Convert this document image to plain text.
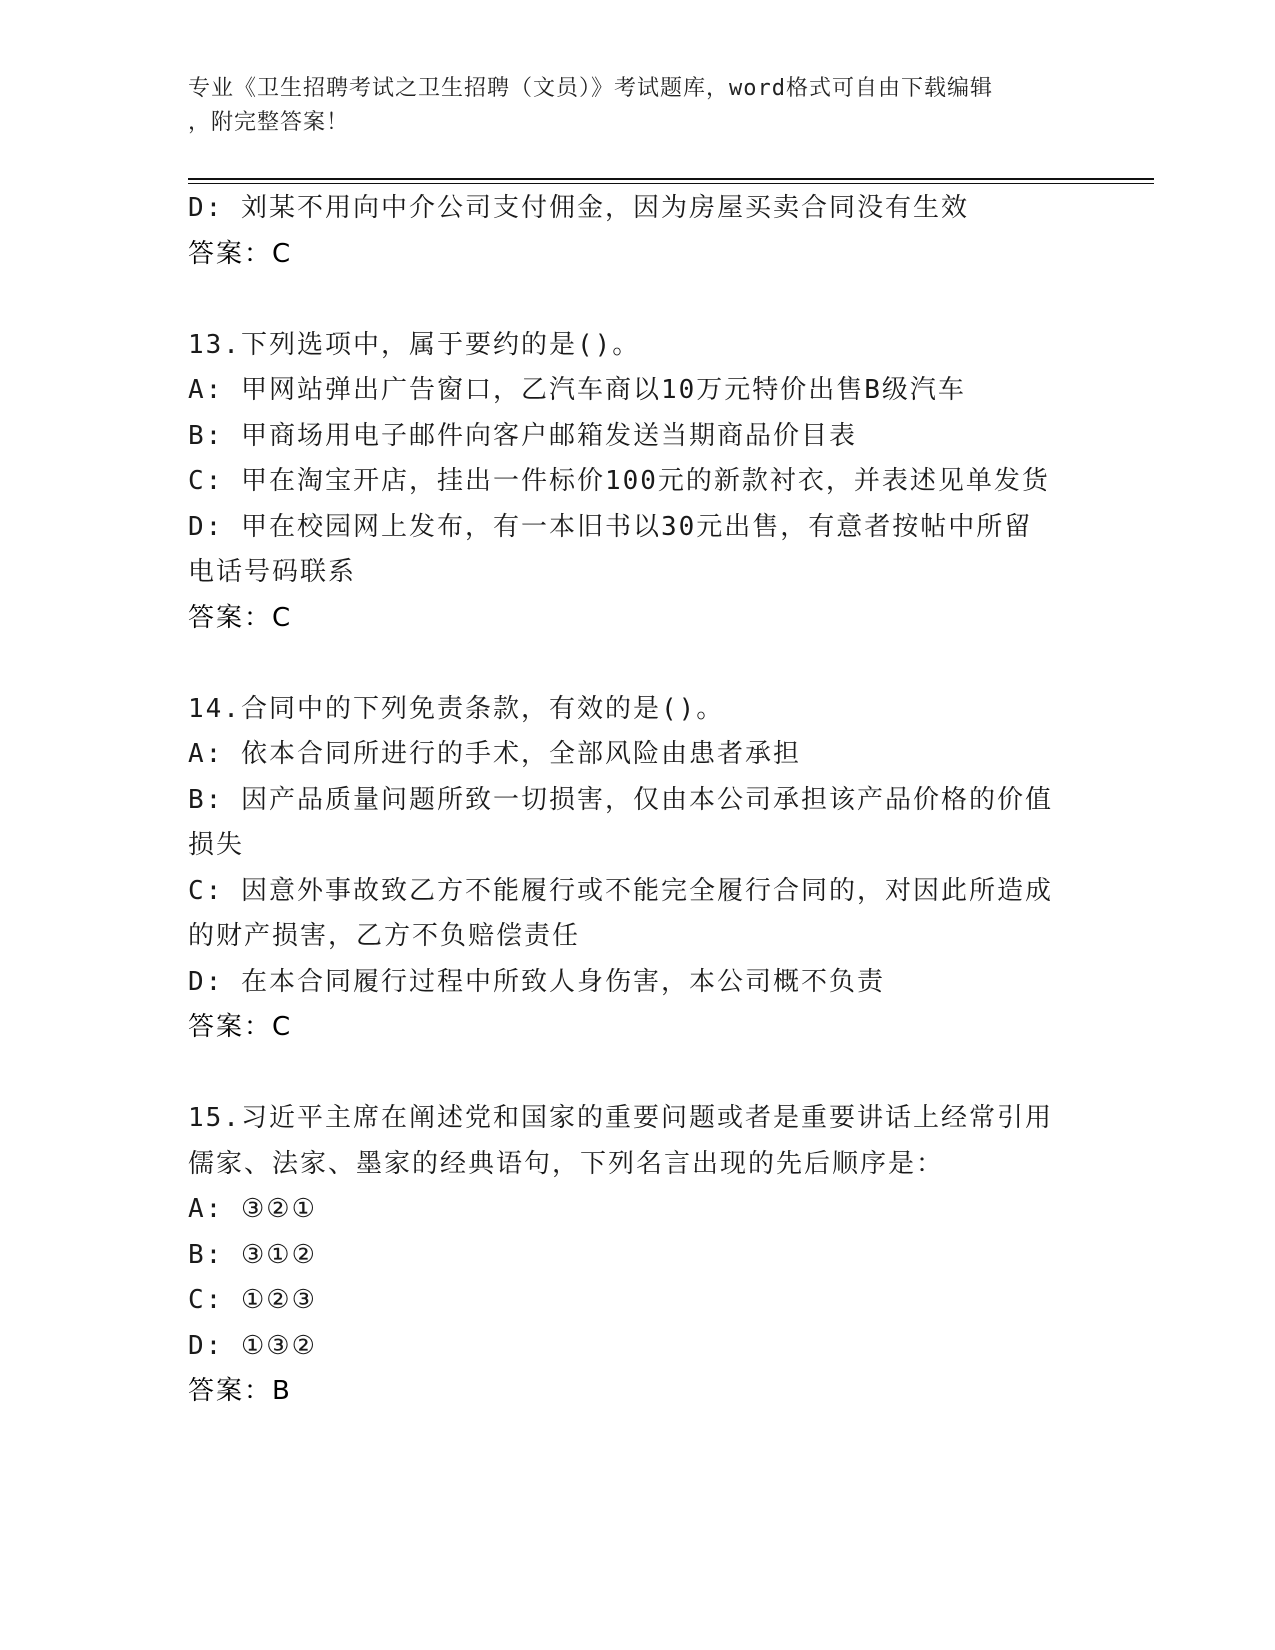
专业《卫生招聘考试之卫生招聘（文员）》考试题库，word格式可自由下载编辑
，附完整答案！
D: 刘某不用向中介公司支付佣金，因为房屋买卖合同没有生效
答案：C
13.下列选项中，属于要约的是()。
A: 甲网站弹出广告窗口，乙汽车商以10万元特价出售B级汽车
B: 甲商场用电子邮件向客户邮箱发送当期商品价目表
C: 甲在淘宝开店，挂出一件标价100元的新款衬衣，并表述见单发货
D: 甲在校园网上发布，有一本旧书以30元出售，有意者按帖中所留
电话号码联系
答案：C
14.合同中的下列免责条款，有效的是()。
A: 依本合同所进行的手术，全部风险由患者承担
B: 因产品质量问题所致一切损害，仅由本公司承担该产品价格的价值
损失
C: 因意外事故致乙方不能履行或不能完全履行合同的，对因此所造成
的财产损害，乙方不负赔偿责任
D: 在本合同履行过程中所致人身伤害，本公司概不负责
答案：C
15.习近平主席在阐述党和国家的重要问题或者是重要讲话上经常引用
儒家、法家、墨家的经典语句，下列名言出现的先后顺序是：
A: ③②①
B: ③①②
C: ①②③
D: ①③②
答案：B
